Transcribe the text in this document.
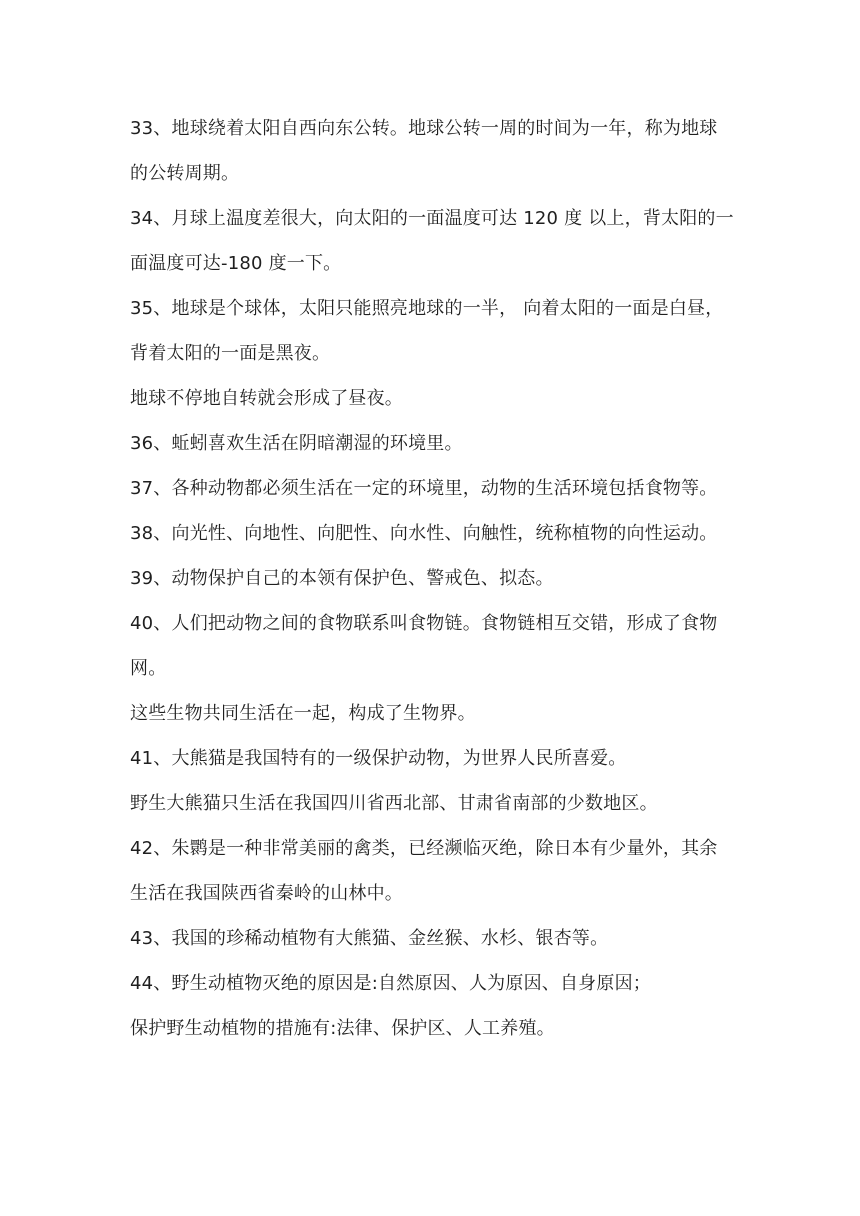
33、地球绕着太阳自西向东公转。地球公转一周的时间为一年，称为地球
的公转周期。
34、月球上温度差很大，向太阳的一面温度可达 120 度 以上，背太阳的一
面温度可达-180 度一下。
35、地球是个球体，太阳只能照亮地球的一半， 向着太阳的一面是白昼，
背着太阳的一面是黑夜。
地球不停地自转就会形成了昼夜。
36、蚯蚓喜欢生活在阴暗潮湿的环境里。
37、各种动物都必须生活在一定的环境里，动物的生活环境包括食物等。
38、向光性、向地性、向肥性、向水性、向触性，统称植物的向性运动。
39、动物保护自己的本领有保护色、警戒色、拟态。
40、人们把动物之间的食物联系叫食物链。食物链相互交错，形成了食物
网。
这些生物共同生活在一起，构成了生物界。
41、大熊猫是我国特有的一级保护动物，为世界人民所喜爱。
野生大熊猫只生活在我国四川省西北部、甘肃省南部的少数地区。
42、朱鹮是一种非常美丽的禽类，已经濒临灭绝，除日本有少量外，其余
生活在我国陕西省秦岭的山林中。
43、我国的珍稀动植物有大熊猫、金丝猴、水杉、银杏等。
44、野生动植物灭绝的原因是:自然原因、人为原因、自身原因；
保护野生动植物的措施有:法律、保护区、人工养殖。
